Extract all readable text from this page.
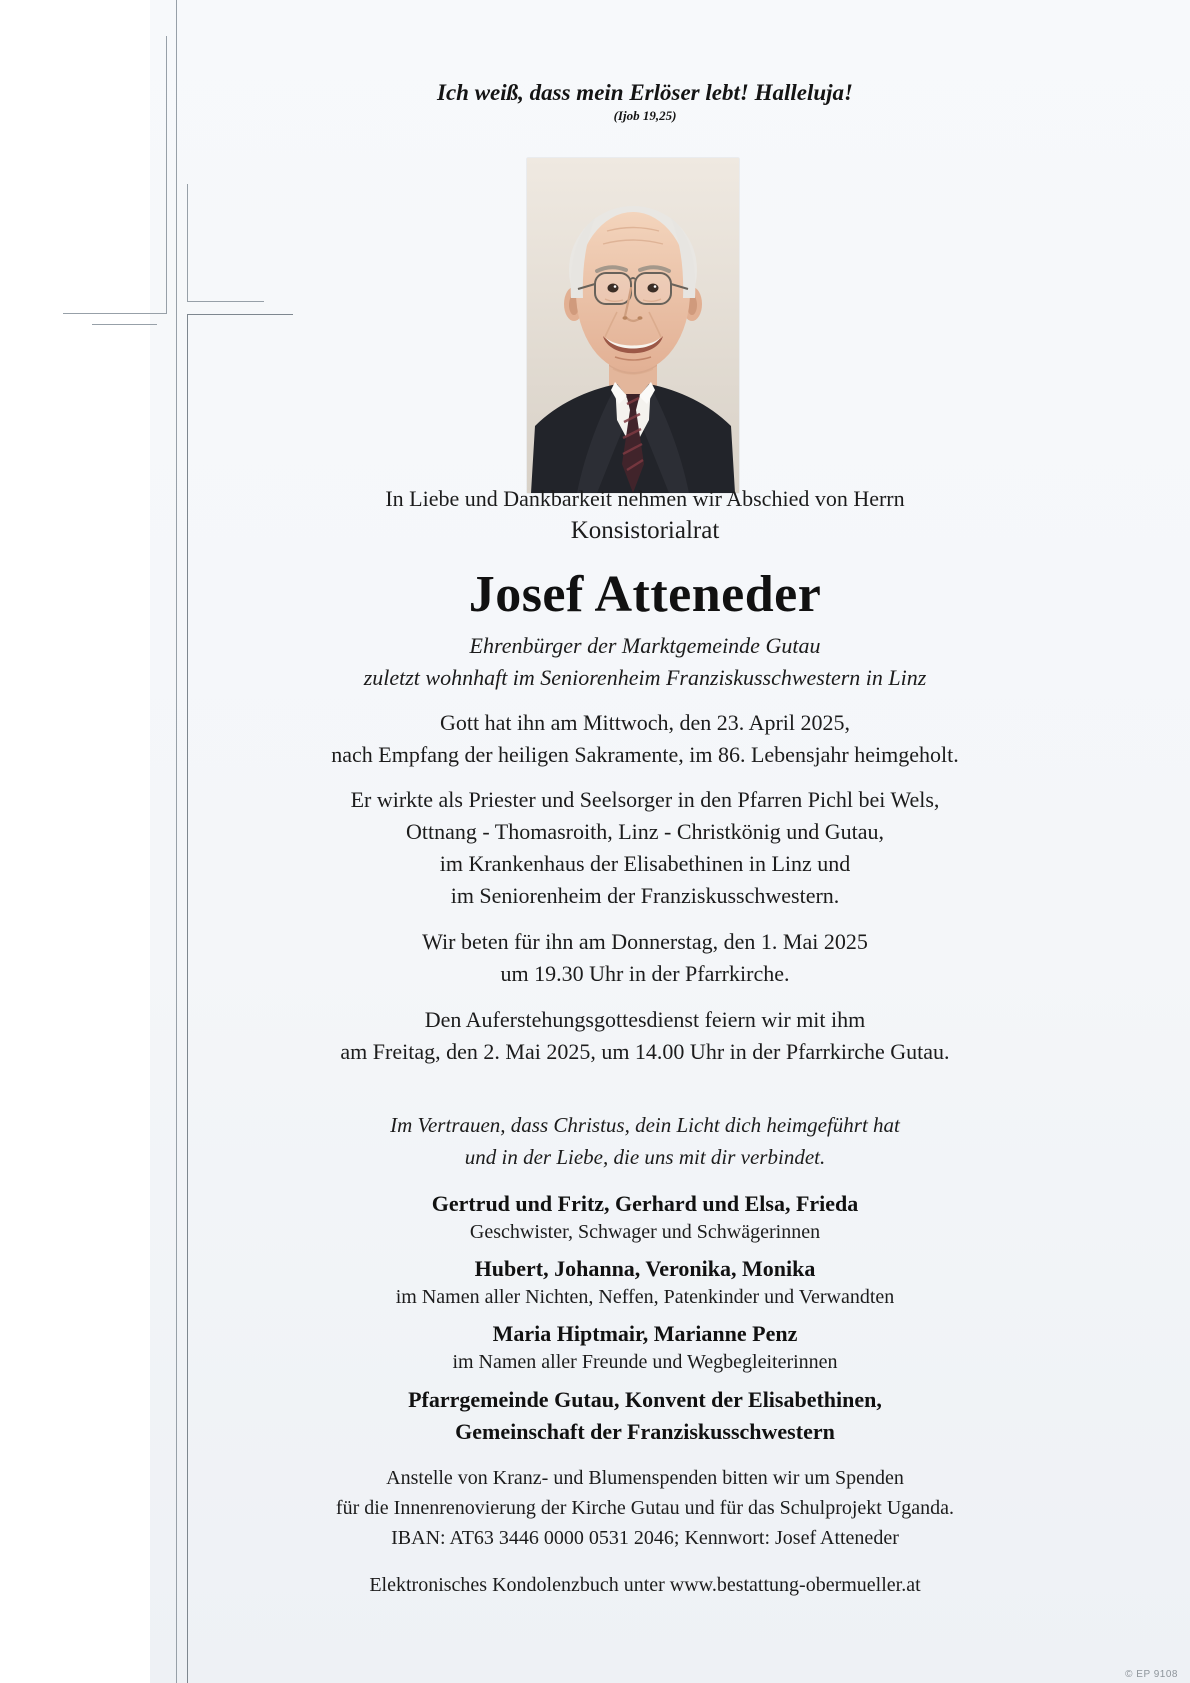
Ich weiß, dass mein Erlöser lebt! Halleluja!
(Ijob 19,25)
In Liebe und Dankbarkeit nehmen wir Abschied von Herrn
Konsistorialrat
Josef Atteneder
Ehrenbürger der Marktgemeinde Gutau
zuletzt wohnhaft im Seniorenheim Franziskusschwestern in Linz
Gott hat ihn am Mittwoch, den 23. April 2025,
nach Empfang der heiligen Sakramente, im 86. Lebensjahr heimgeholt.
Er wirkte als Priester und Seelsorger in den Pfarren Pichl bei Wels,
Ottnang - Thomasroith, Linz - Christkönig und Gutau,
im Krankenhaus der Elisabethinen in Linz und
im Seniorenheim der Franziskusschwestern.
Wir beten für ihn am Donnerstag, den 1. Mai 2025
um 19.30 Uhr in der Pfarrkirche.
Den Auferstehungsgottesdienst feiern wir mit ihm
am Freitag, den 2. Mai 2025, um 14.00 Uhr in der Pfarrkirche Gutau.
Im Vertrauen, dass Christus, dein Licht dich heimgeführt hat
und in der Liebe, die uns mit dir verbindet.
Gertrud und Fritz, Gerhard und Elsa, Frieda
Geschwister, Schwager und Schwägerinnen
Hubert, Johanna, Veronika, Monika
im Namen aller Nichten, Neffen, Patenkinder und Verwandten
Maria Hiptmair, Marianne Penz
im Namen aller Freunde und Wegbegleiterinnen
Pfarrgemeinde Gutau, Konvent der Elisabethinen,
Gemeinschaft der Franziskusschwestern
Anstelle von Kranz- und Blumenspenden bitten wir um Spenden
für die Innenrenovierung der Kirche Gutau und für das Schulprojekt Uganda.
IBAN: AT63 3446 0000 0531 2046; Kennwort: Josef Atteneder
Elektronisches Kondolenzbuch unter www.bestattung-obermueller.at
© EP 9108
